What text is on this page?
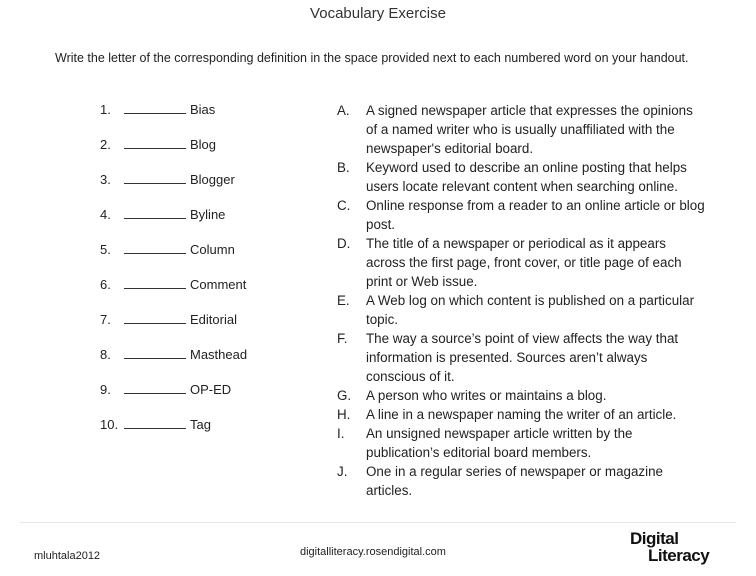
Vocabulary Exercise
Write the letter of the corresponding definition in the space provided next to each numbered word on your handout.
1.	Bias
2.	Blog
3.	Blogger
4.	Byline
5.	Column
6.	Comment
7.	Editorial
8.	Masthead
9.	OP-ED
10.	Tag
A.	A signed newspaper article that expresses the opinions of a named writer who is usually unaffiliated with the newspaper's editorial board.
B.	Keyword used to describe an online posting that helps users locate relevant content when searching online.
C.	Online response from a reader to an online article or blog post.
D.	The title of a newspaper or periodical as it appears across the first page, front cover, or title page of each print or Web issue.
E.	A Web log on which content is published on a particular topic.
F.	The way a source’s point of view affects the way that information is presented. Sources aren’t always conscious of it.
G.	A person who writes or maintains a blog.
H.	A line in a newspaper naming the writer of an article.
I.	An unsigned newspaper article written by the publication’s editorial board members.
J.	One in a regular series of newspaper or magazine articles.
mluhtala2012	digitalliteracy.rosendigital.com
Digital
Literacy
